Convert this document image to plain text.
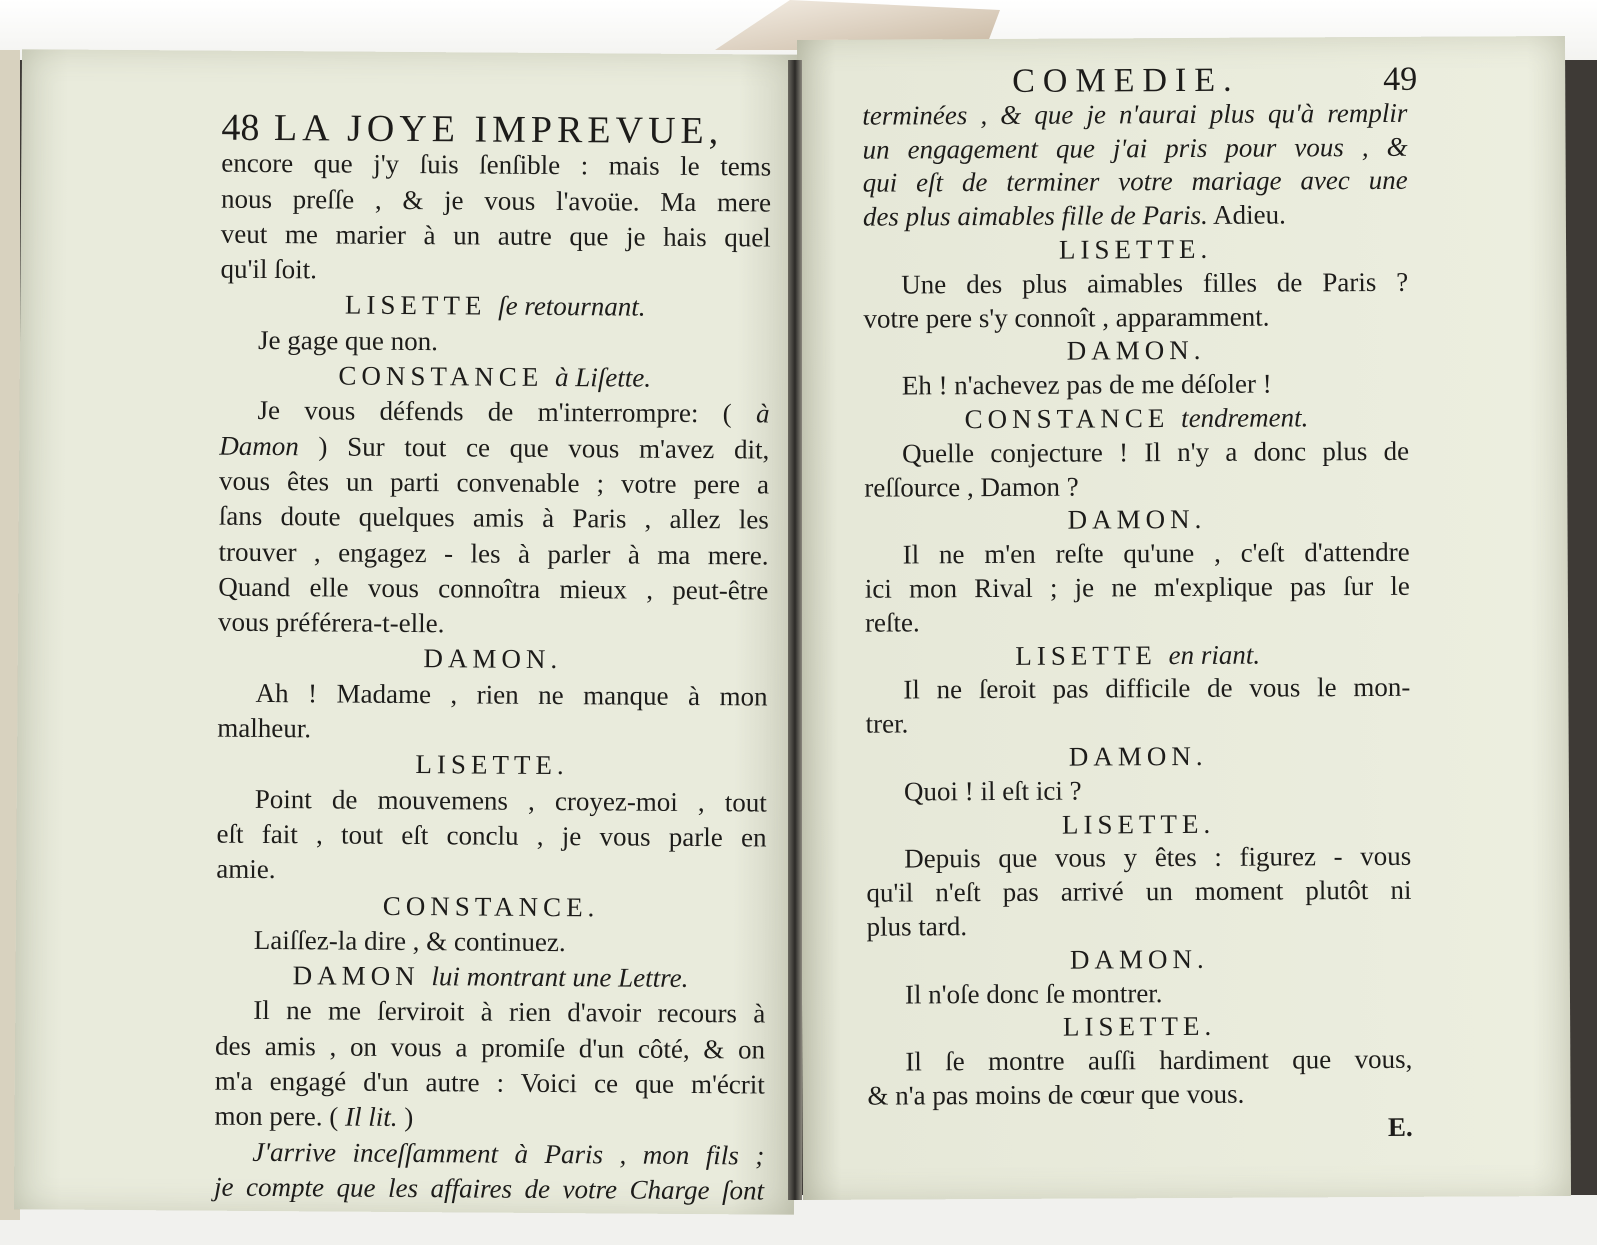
48 LA JOYE IMPREVUE,
encore que j'y ſuis ſenſible : mais le tems
nous preſſe , & je vous l'avoüe. Ma mere
veut me marier à un autre que je hais quel
qu'il ſoit.
LISETTE ſe retournant.
Je gage que non.
CONSTANCE à Liſette.
Je vous défends de m'interrompre: ( à
Damon ) Sur tout ce que vous m'avez dit,
vous êtes un parti convenable ; votre pere a
ſans doute quelques amis à Paris , allez les
trouver , engagez - les à parler à ma mere.
Quand elle vous connoîtra mieux , peut-être
vous préférera-t-elle.
DAMON.
Ah ! Madame , rien ne manque à mon
malheur.
LISETTE.
Point de mouvemens , croyez-moi , tout
eſt fait , tout eſt conclu , je vous parle en
amie.
CONSTANCE.
Laiſſez-la dire , & continuez.
DAMON lui montrant une Lettre.
Il ne me ſerviroit à rien d'avoir recours à
des amis , on vous a promiſe d'un côté, & on
m'a engagé d'un autre : Voici ce que m'écrit
mon pere. ( Il lit. )
J'arrive inceſſamment à Paris , mon fils ;
je compte que les affaires de votre Charge ſont
COMEDIE.	49
terminées , & que je n'aurai plus qu'à remplir
un engagement que j'ai pris pour vous , &
qui eſt de terminer votre mariage avec une
des plus aimables fille de Paris. Adieu.
LISETTE.
Une des plus aimables filles de Paris ?
votre pere s'y connoît , apparamment.
DAMON.
Eh ! n'achevez pas de me déſoler !
CONSTANCE tendrement.
Quelle conjecture ! Il n'y a donc plus de
reſſource , Damon ?
DAMON.
Il ne m'en reſte qu'une , c'eſt d'attendre
ici mon Rival ; je ne m'explique pas ſur le
reſte.
LISETTE en riant.
Il ne ſeroit pas difficile de vous le mon-
trer.
DAMON.
Quoi ! il eſt ici ?
LISETTE.
Depuis que vous y êtes : figurez - vous
qu'il n'eſt pas arrivé un moment plutôt ni
plus tard.
DAMON.
Il n'oſe donc ſe montrer.
LISETTE.
Il ſe montre auſſi hardiment que vous,
& n'a pas moins de cœur que vous.
E.
